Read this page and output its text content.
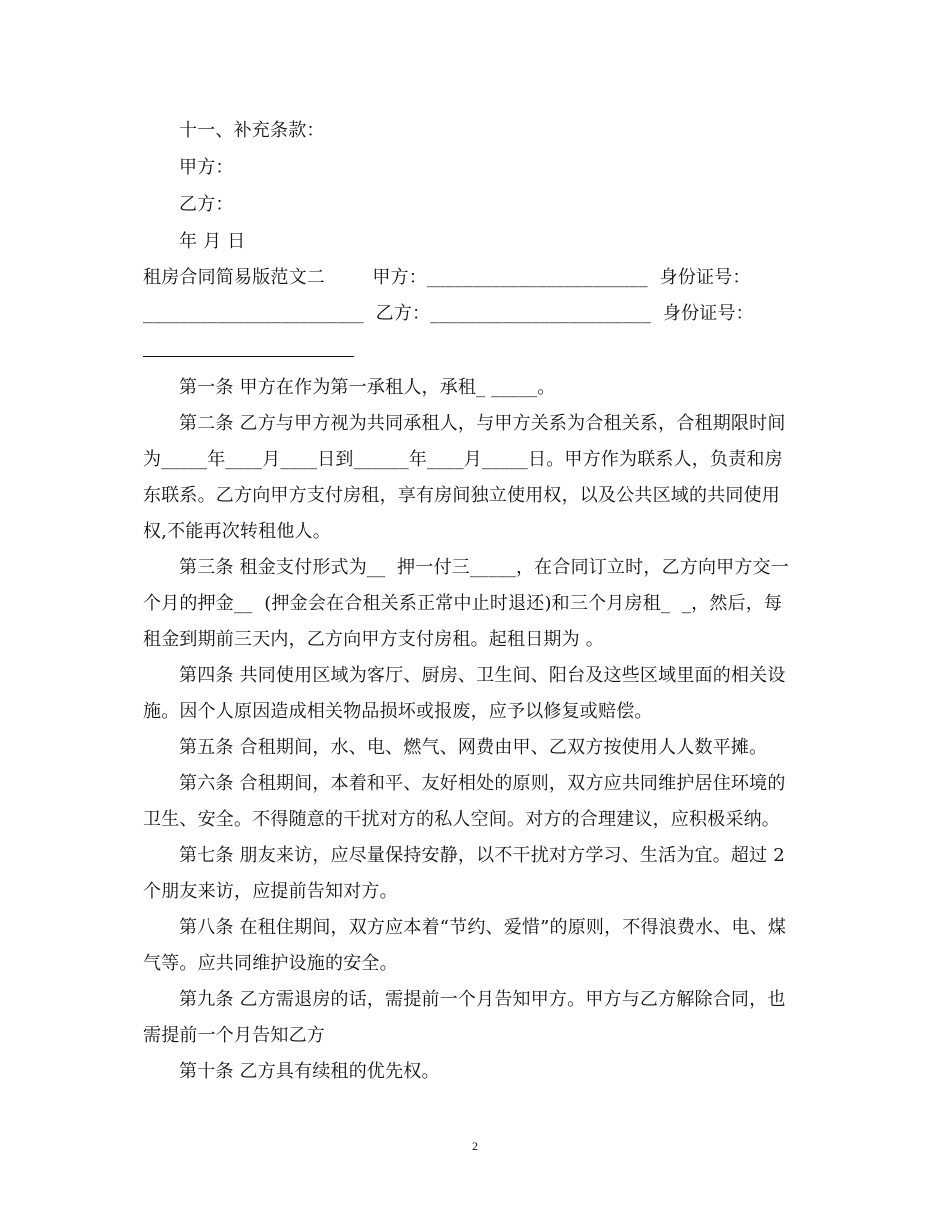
十一、补充条款：
甲方：
乙方：
年 月 日
租房合同简易版范文二        甲方：________________________  身份证号：
________________________  乙方：________________________  身份证号：
第一条 甲方在作为第一承租人，承租_ _____。
第二条 乙方与甲方视为共同承租人，与甲方关系为合租关系，合租期限时间
为_____年____月____日到______年____月_____日。甲方作为联系人，负责和房
东联系。乙方向甲方支付房租，享有房间独立使用权，以及公共区域的共同使用
权,不能再次转租他人。
第三条 租金支付形式为__  押一付三_____，在合同订立时，乙方向甲方交一
个月的押金__  (押金会在合租关系正常中止时退还)和三个月房租_  _，然后，每
租金到期前三天内，乙方向甲方支付房租。起租日期为 。
第四条 共同使用区域为客厅、厨房、卫生间、阳台及这些区域里面的相关设
施。因个人原因造成相关物品损坏或报废，应予以修复或赔偿。
第五条 合租期间，水、电、燃气、网费由甲、乙双方按使用人人数平摊。
第六条 合租期间，本着和平、友好相处的原则，双方应共同维护居住环境的
卫生、安全。不得随意的干扰对方的私人空间。对方的合理建议，应积极采纳。
第七条 朋友来访，应尽量保持安静，以不干扰对方学习、生活为宜。超过 2
个朋友来访，应提前告知对方。
第八条 在租住期间，双方应本着“节约、爱惜”的原则，不得浪费水、电、煤
气等。应共同维护设施的安全。
第九条 乙方需退房的话，需提前一个月告知甲方。甲方与乙方解除合同，也
需提前一个月告知乙方
第十条 乙方具有续租的优先权。
2
